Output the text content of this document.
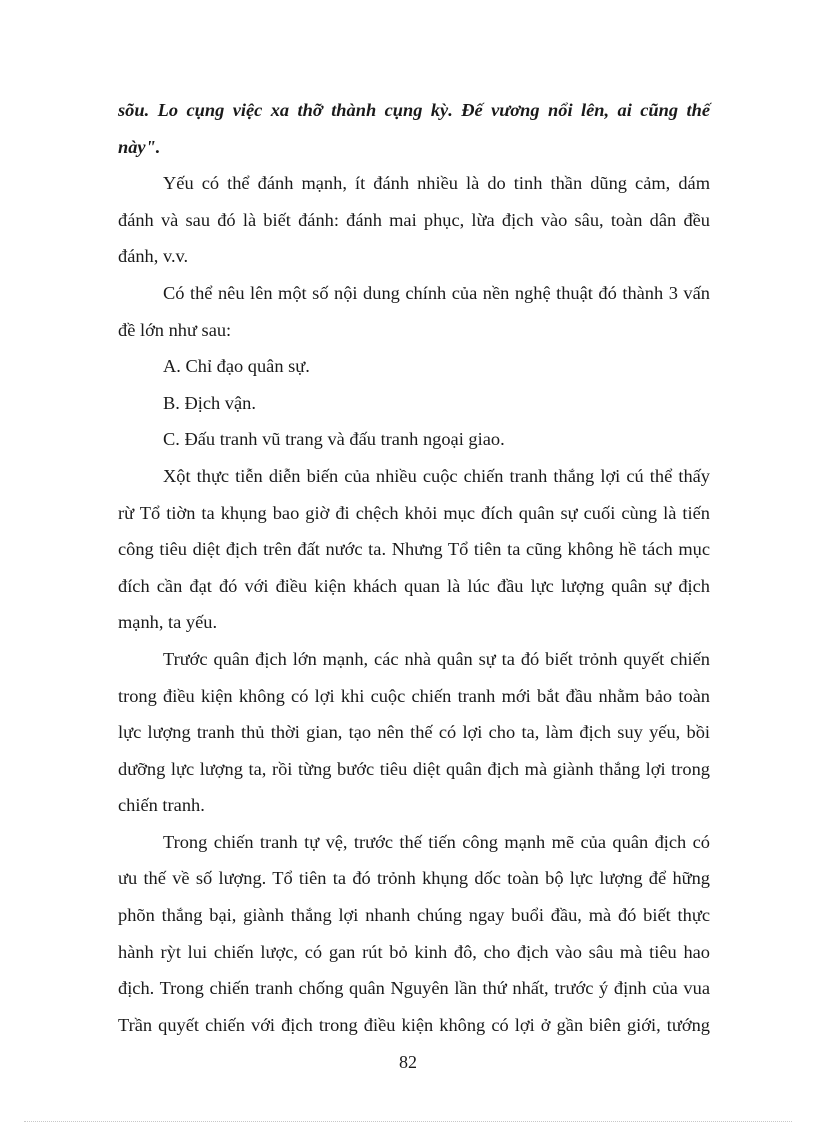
sõu. Lo cụng việc xa thỡ thành cụng kỳ. Đế vương nổi lên, ai cũng thế
này".
Yếu có thể đánh mạnh, ít đánh nhiều là do tinh thần dũng cảm, dám
đánh và sau đó là biết đánh: đánh mai phục, lừa địch vào sâu, toàn dân đều
đánh, v.v.
Có thể nêu lên một số nội dung chính của nền nghệ thuật đó thành 3 vấn
đề lớn như sau:
A. Chỉ đạo quân sự.
B. Địch vận.
C. Đấu tranh vũ trang và đấu tranh ngoại giao.
Xột thực tiễn diễn biến của nhiều cuộc chiến tranh thắng lợi cú thể thấy
rừ Tổ tiờn ta khụng bao giờ đi chệch khỏi mục đích quân sự cuối cùng là tiến
công tiêu diệt địch trên đất nước ta. Nhưng Tổ tiên ta cũng không hề tách mục
đích cần đạt đó với điều kiện khách quan là lúc đầu lực lượng quân sự địch
mạnh, ta yếu.
Trước quân địch lớn mạnh, các nhà quân sự ta đó biết trỏnh quyết chiến
trong điều kiện không có lợi khi cuộc chiến tranh mới bắt đầu nhằm bảo toàn
lực lượng tranh thủ thời gian, tạo nên thế có lợi cho ta, làm địch suy yếu, bồi
dưỡng lực lượng ta, rồi từng bước tiêu diệt quân địch mà giành thắng lợi trong
chiến tranh.
Trong chiến tranh tự vệ, trước thế tiến công mạnh mẽ của quân địch có
ưu thế về số lượng. Tổ tiên ta đó trỏnh khụng dốc toàn bộ lực lượng để hững
phõn thắng bại, giành thắng lợi nhanh chúng ngay buổi đầu, mà đó biết thực
hành rỳt lui chiến lược, có gan rút bỏ kinh đô, cho địch vào sâu mà tiêu hao
địch. Trong chiến tranh chống quân Nguyên lần thứ nhất, trước ý định của vua
Trần quyết chiến với địch trong điều kiện không có lợi ở gần biên giới, tướng
82
